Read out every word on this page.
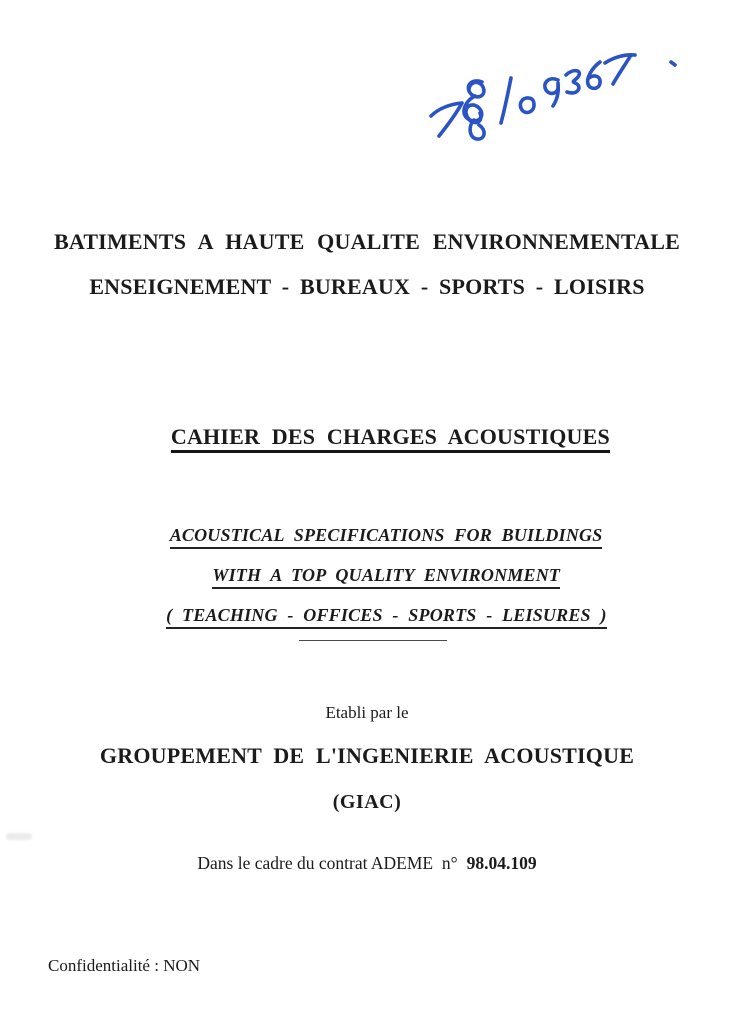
BATIMENTS A HAUTE QUALITE ENVIRONNEMENTALE
ENSEIGNEMENT - BUREAUX - SPORTS - LOISIRS

CAHIER DES CHARGES ACOUSTIQUES

ACOUSTICAL SPECIFICATIONS FOR BUILDINGS

WITH A TOP QUALITY ENVIRONMENT

( TEACHING - OFFICES - SPORTS - LEISURES )

Etabli par le
GROUPEMENT DE L'INGENIERIE ACOUSTIQUE
(GIAC)
Dans le cadre du contrat ADEME  n° 98.04.109
Confidentialité : NON
